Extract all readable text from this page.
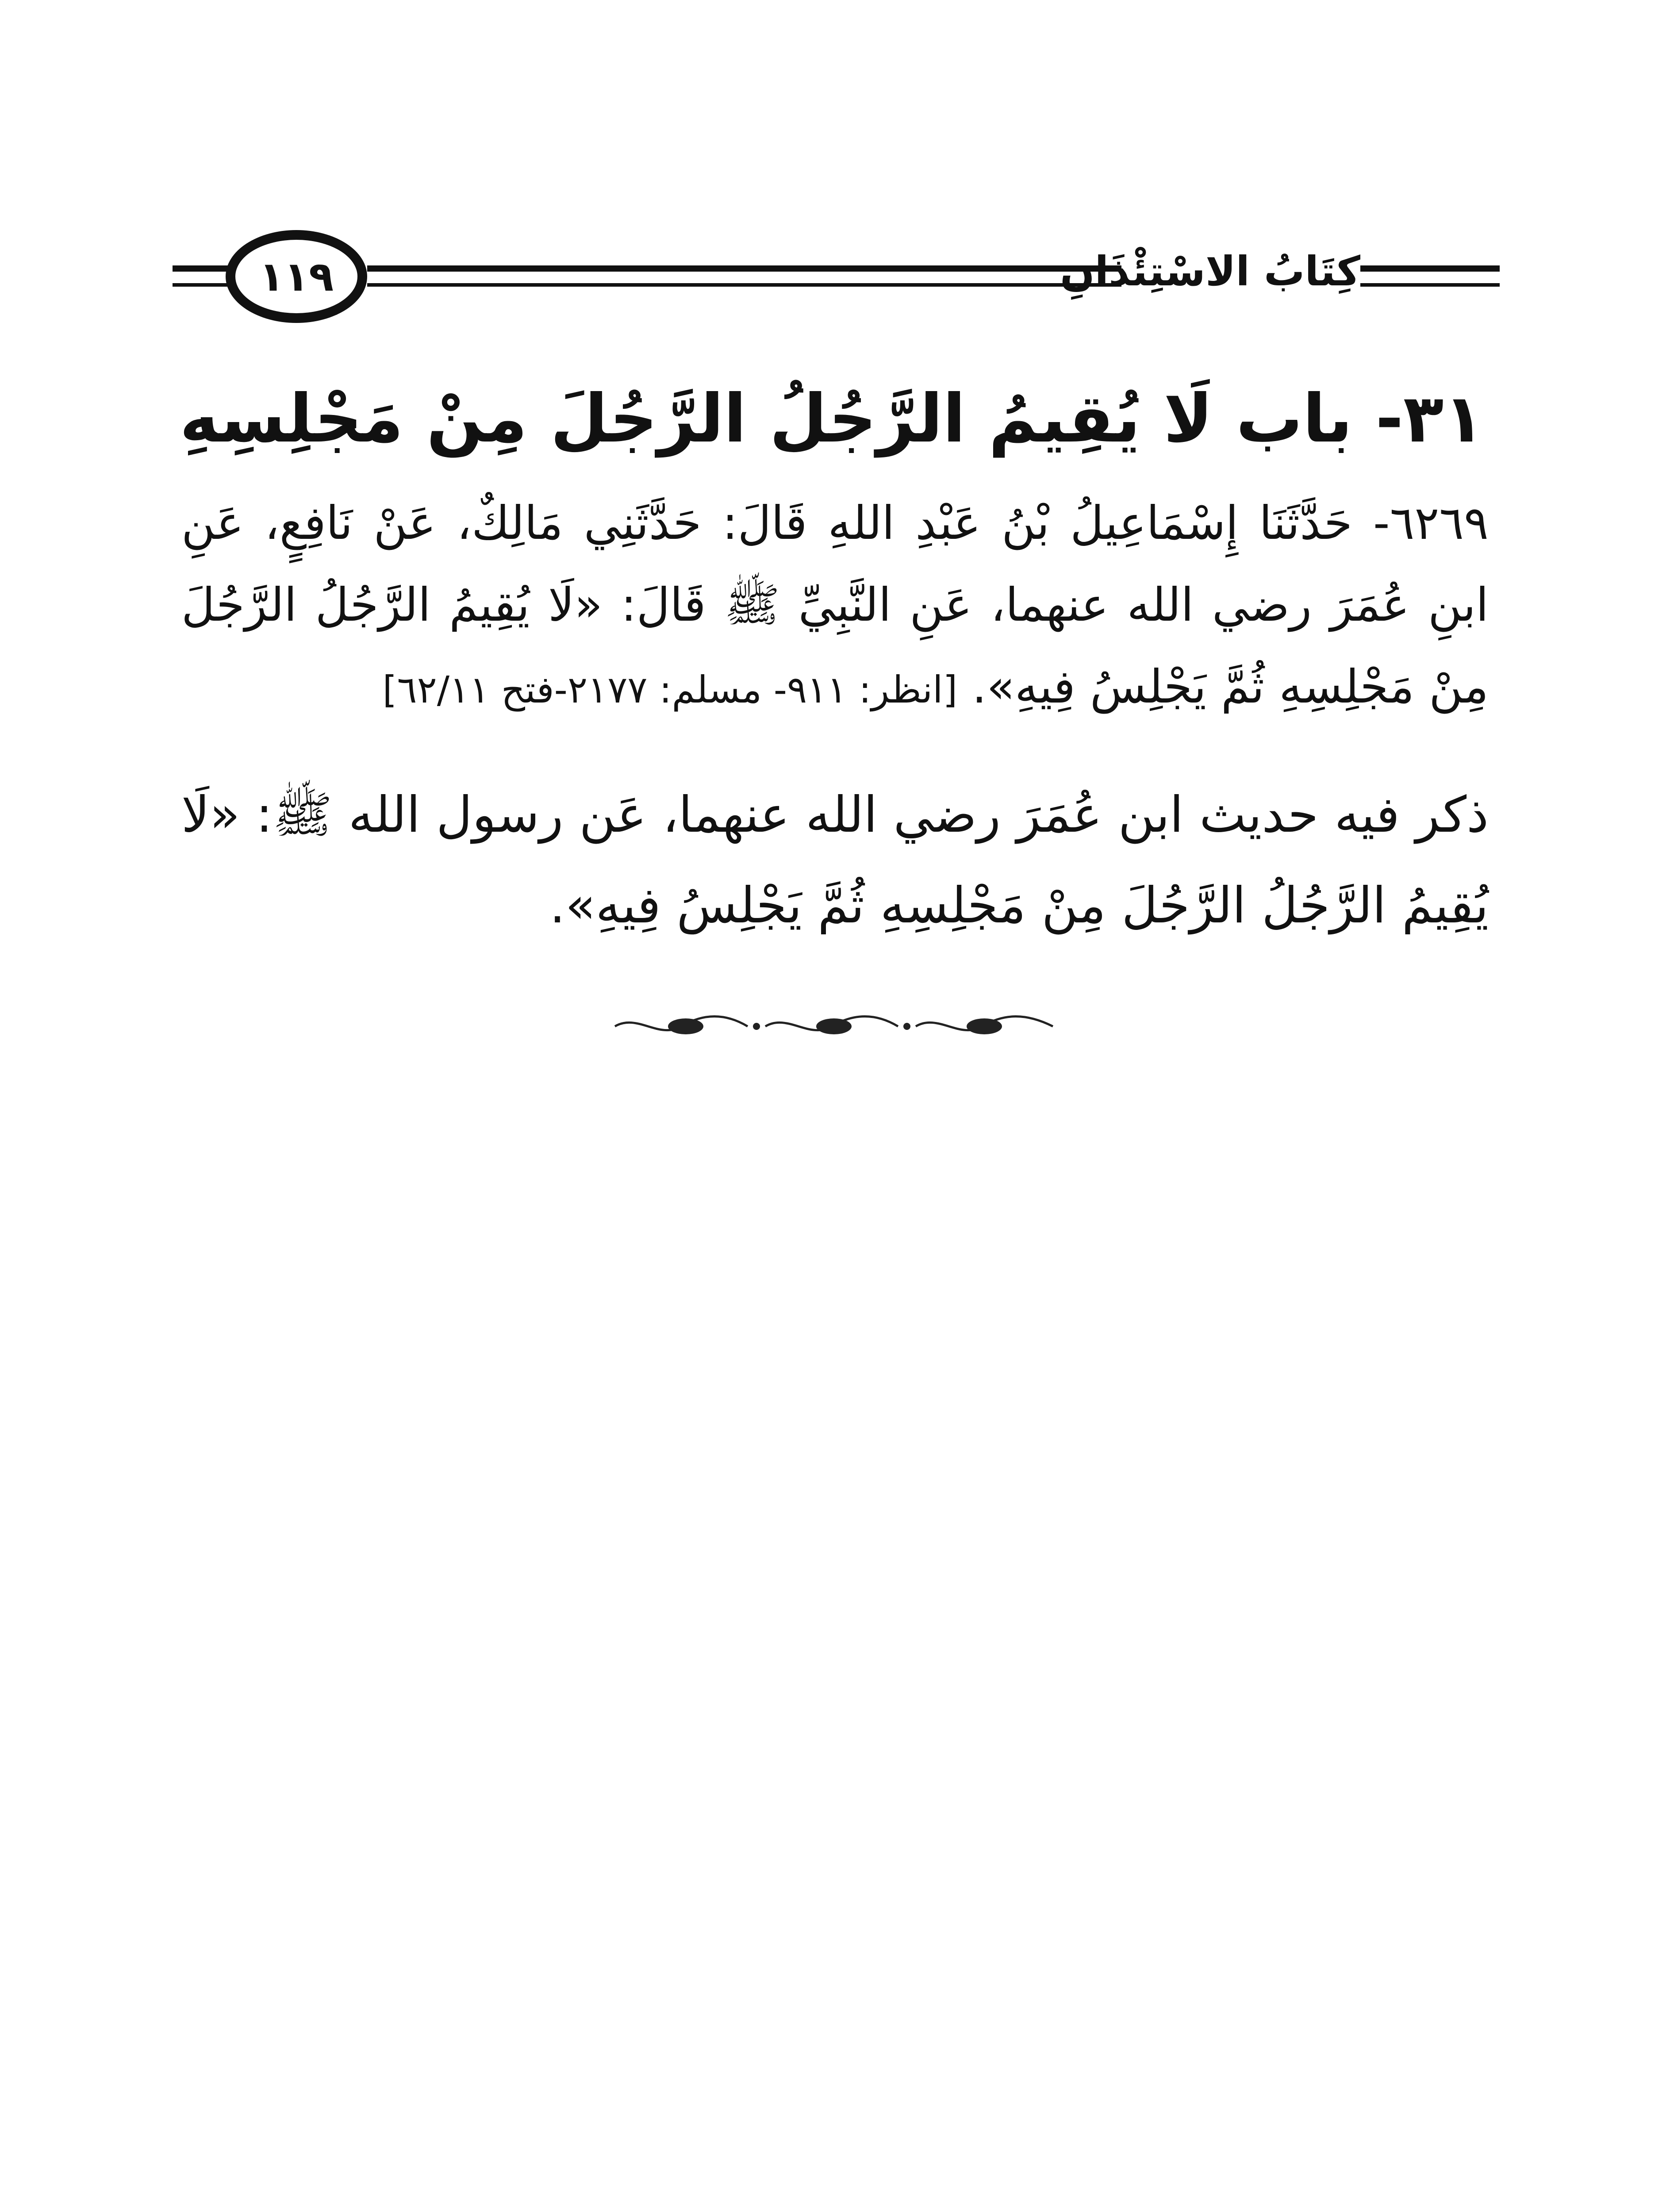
كِتَابُ الاسْتِئْذَانِ
١١٩
٣١- باب لَا يُقِيمُ الرَّجُلُ الرَّجُلَ مِنْ مَجْلِسِهِ
٦٢٦٩- حَدَّثَنَا إِسْمَاعِيلُ بْنُ عَبْدِ اللهِ قَالَ: حَدَّثَنِي مَالِكٌ، عَنْ نَافِعٍ، عَنِ ابنِ عُمَرَ رضي الله عنهما، عَنِ النَّبِيِّ ﷺ قَالَ: «لَا يُقِيمُ الرَّجُلُ الرَّجُلَ مِنْ مَجْلِسِهِ ثُمَّ يَجْلِسُ فِيهِ». [انظر: ٩١١- مسلم: ٢١٧٧-فتح ٦٢/١١]
ذكر فيه حديث ابن عُمَرَ رضي الله عنهما، عَن رسول الله ﷺ: «لَا يُقِيمُ الرَّجُلُ الرَّجُلَ مِنْ مَجْلِسِهِ ثُمَّ يَجْلِسُ فِيهِ».
